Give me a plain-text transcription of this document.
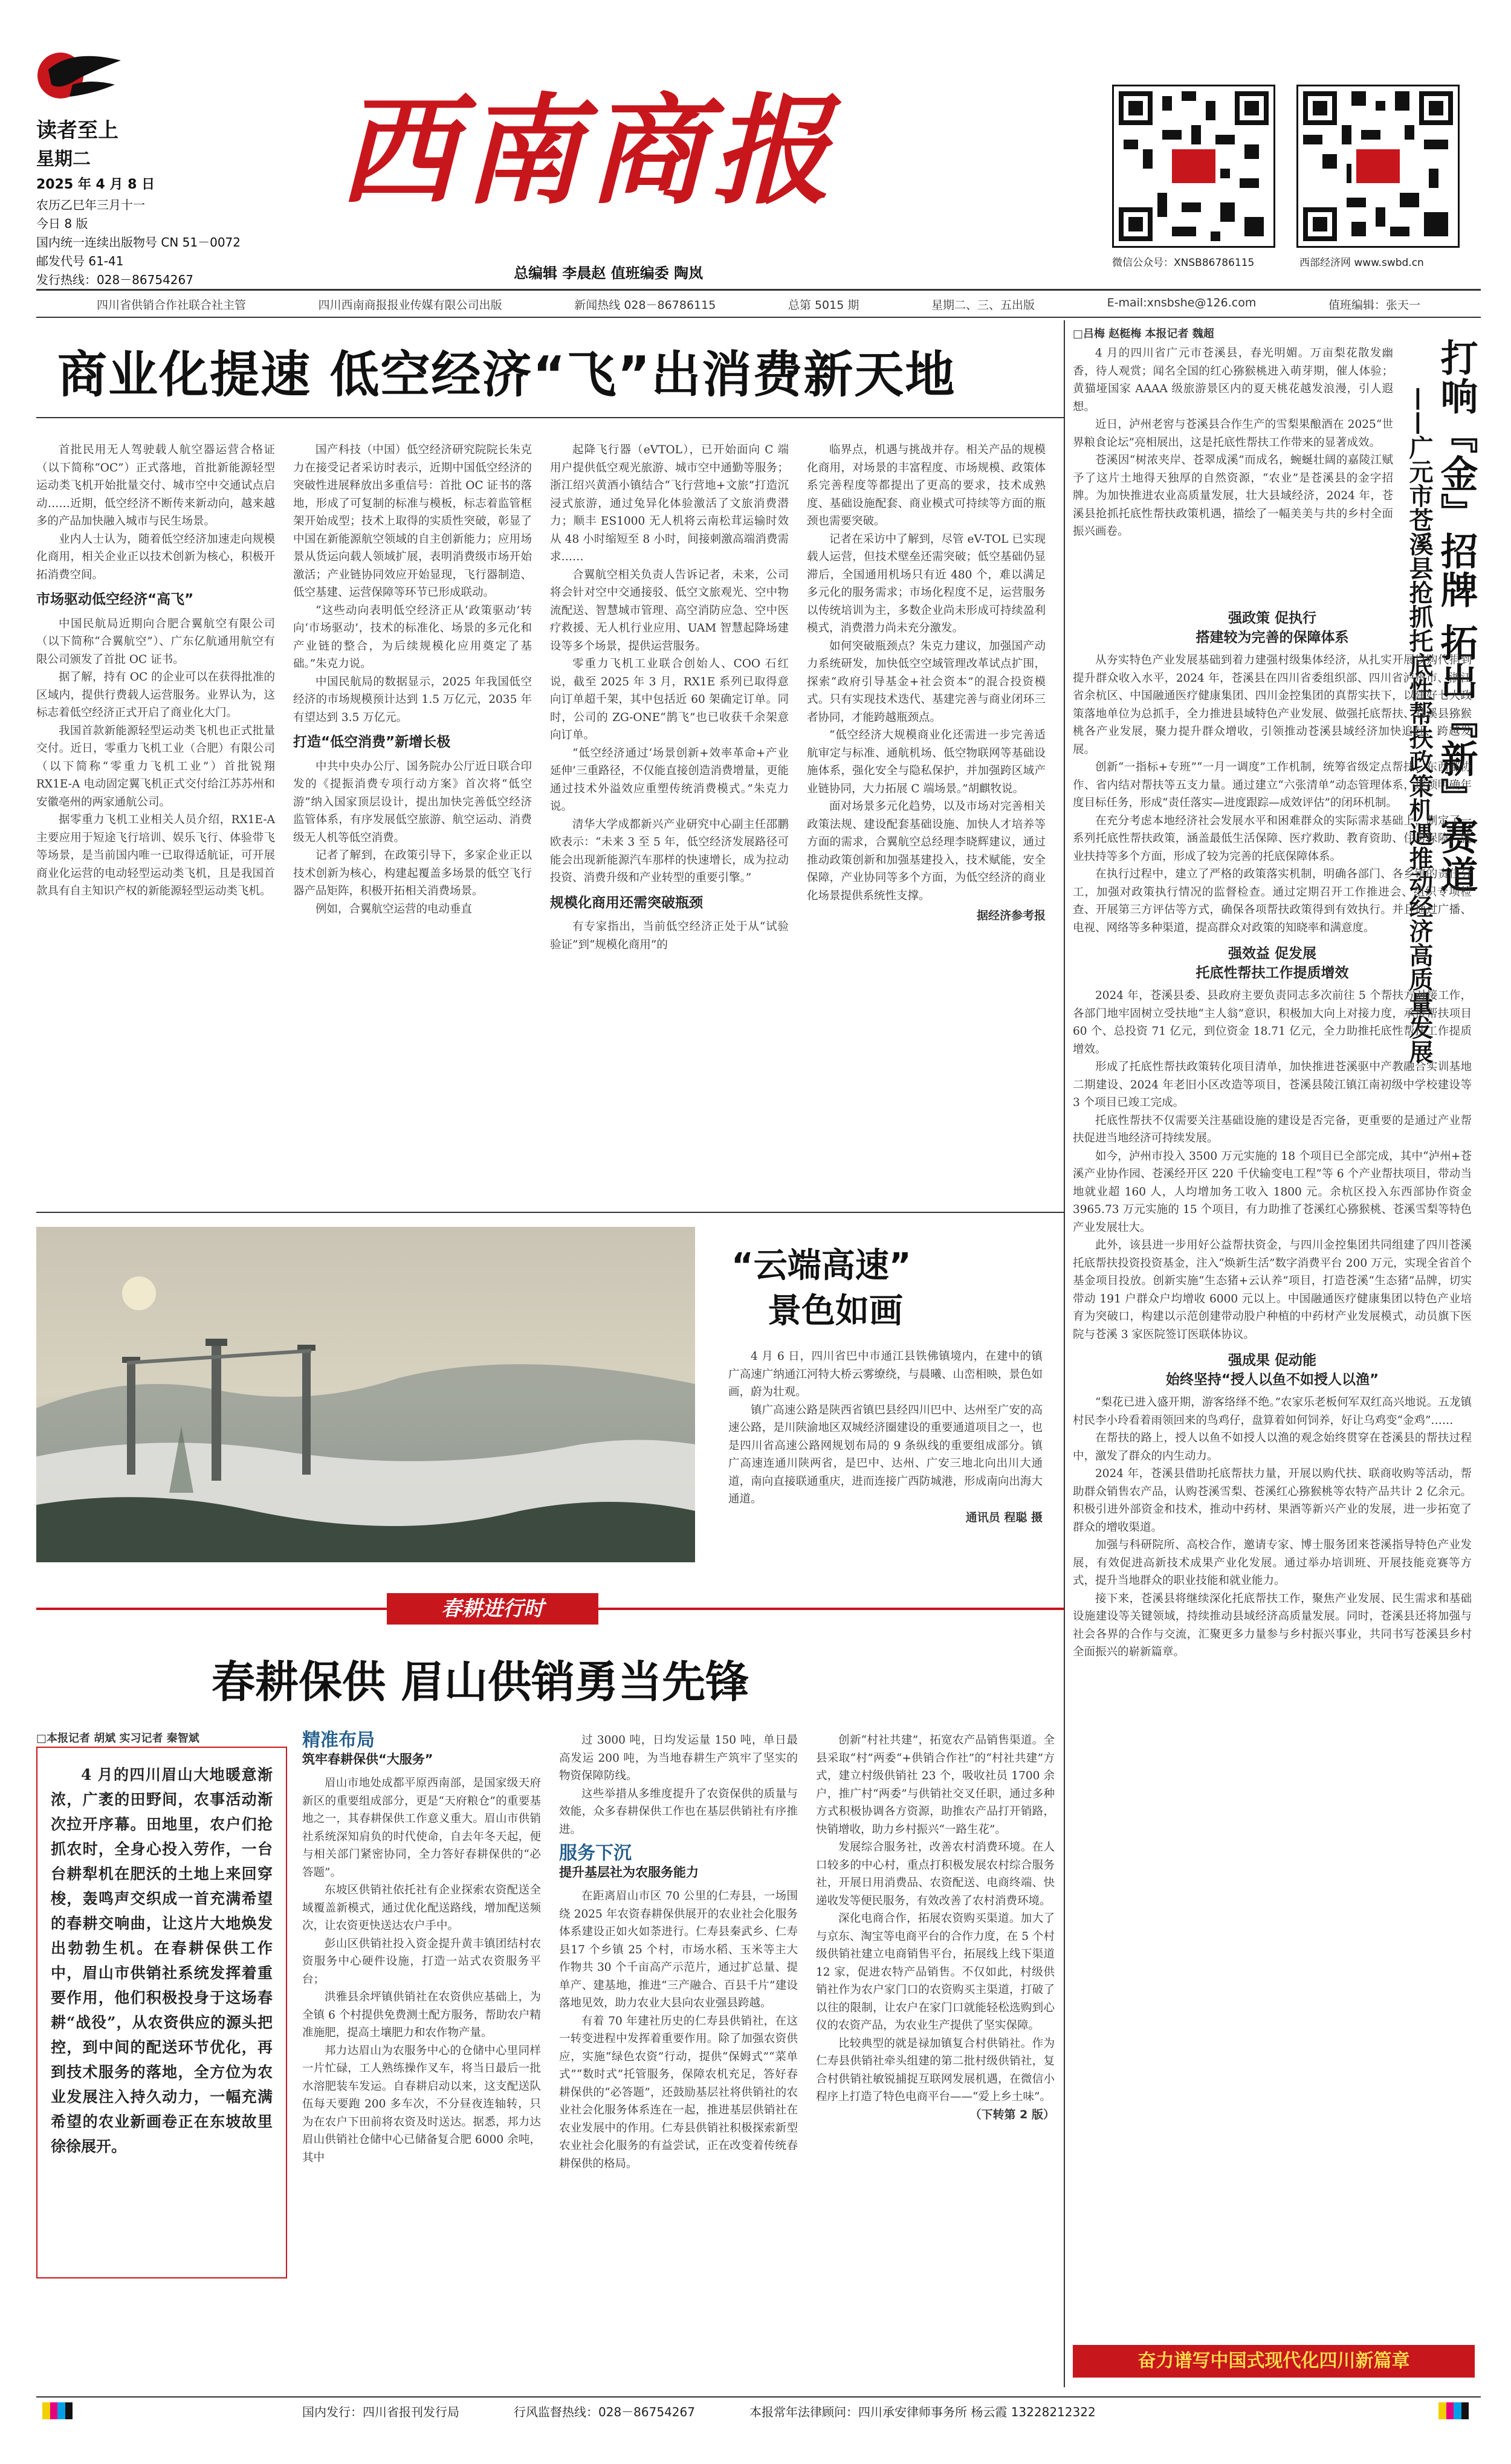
读者至上
星期二
2025 年 4 月 8 日
农历乙巳年三月十一
今日 8 版
国内统一连续出版物号 CN 51－0072
邮发代号 61-41
发行热线：028－86754267
西南商报
总编辑 李晨赵 值班编委 陶岚
微信公众号：XNSB86786115	西部经济网 www.swbd.cn
四川省供销合作社联合社主管	四川西南商报报业传媒有限公司出版	新闻热线 028－86786115	总第 5015 期	星期二、三、五出版	E-mail:xnsbshe@126.com	值班编辑：张天一
商业化提速 低空经济“飞”出消费新天地

首批民用无人驾驶载人航空器运营合格证（以下简称“OC”）正式落地，首批新能源轻型运动类飞机开始批量交付、城市空中交通试点启动……近期，低空经济不断传来新动向，越来越多的产品加快融入城市与民生场景。

业内人士认为，随着低空经济加速走向规模化商用，相关企业正以技术创新为核心，积极开拓消费空间。

市场驱动低空经济“高飞”

中国民航局近期向合肥合翼航空有限公司（以下简称“合翼航空”）、广东亿航通用航空有限公司颁发了首批 OC 证书。

据了解，持有 OC 的企业可以在获得批准的区域内，提供行费载人运营服务。业界认为，这标志着低空经济正式开启了商业化大门。

我国首款新能源轻型运动类飞机也正式批量交付。近日，零重力飞机工业（合肥）有限公司（以下简称“零重力飞机工业”）首批锐翔 RX1E-A 电动固定翼飞机正式交付给江苏苏州和安徽亳州的两家通航公司。

据零重力飞机工业相关人员介绍，RX1E-A 主要应用于短途飞行培训、娱乐飞行、体验带飞等场景，是当前国内唯一已取得适航证，可开展商业化运营的电动轻型运动类飞机，且是我国首款具有自主知识产权的新能源轻型运动类飞机。

国产科技（中国）低空经济研究院院长朱克力在接受记者采访时表示，近期中国低空经济的突破性进展释放出多重信号：首批 OC 证书的落地，形成了可复制的标准与模板，标志着监管框架开始成型；技术上取得的实质性突破，彰显了中国在新能源航空领域的自主创新能力；应用场景从货运向载人领域扩展，表明消费级市场开始激活；产业链协同效应开始显现，飞行器制造、低空基建、运营保障等环节已形成联动。

“这些动向表明低空经济正从‘政策驱动’转向‘市场驱动’，技术的标准化、场景的多元化和产业链的整合，为后续规模化应用奠定了基础。”朱克力说。

中国民航局的数据显示，2025 年我国低空经济的市场规模预计达到 1.5 万亿元，2035 年有望达到 3.5 万亿元。

打造“低空消费”新增长极

中共中央办公厅、国务院办公厅近日联合印发的《提振消费专项行动方案》首次将“低空游”纳入国家顶层设计，提出加快完善低空经济监管体系，有序发展低空旅游、航空运动、消费级无人机等低空消费。

记者了解到，在政策引导下，多家企业正以技术创新为核心，构建起覆盖多场景的低空飞行器产品矩阵，积极开拓相关消费场景。

例如，合翼航空运营的电动垂直

起降飞行器（eVTOL），已开始面向 C 端用户提供低空观光旅游、城市空中通勤等服务；浙江绍兴黄酒小镇结合“飞行营地+文旅”打造沉浸式旅游，通过兔异化体验激活了文旅消费潜力；顺丰 ES1000 无人机将云南松茸运输时效从 48 小时缩短至 8 小时，间接刺激高端消费需求……

合翼航空相关负责人告诉记者，未来，公司将会针对空中交通接驳、低空文旅观光、空中物流配送、智慧城市管理、高空消防应急、空中医疗救援、无人机行业应用、UAM 智慧起降场建设等多个场景，提供运营服务。

零重力飞机工业联合创始人、COO 石红说，截至 2025 年 3 月，RX1E 系列已取得意向订单超千架，其中包括近 60 架确定订单。同时，公司的 ZG-ONE“鹊飞”也已收获千余架意向订单。

“低空经济通过‘场景创新+效率革命+产业延伸’三重路径，不仅能直接创造消费增量，更能通过技术外溢效应重塑传统消费模式。”朱克力说。

清华大学成都新兴产业研究中心副主任邵鹏欧表示：“未来 3 至 5 年，低空经济发展路径可能会出现新能源汽车那样的快速增长，成为拉动投资、消费升级和产业转型的重要引擎。”

规模化商用还需突破瓶颈

有专家指出，当前低空经济正处于从“试验验证”到“规模化商用”的

临界点，机遇与挑战并存。相关产品的规模化商用，对场景的丰富程度、市场规模、政策体系完善程度等都提出了更高的要求，技术成熟度、基础设施配套、商业模式可持续等方面的瓶颈也需要突破。

记者在采访中了解到，尽管 eV-TOL 已实现载人运营，但技术壁垒还需突破；低空基础仍显滞后，全国通用机场只有近 480 个，难以满足多元化的服务需求；市场化程度不足，运营服务以传统培训为主，多数企业尚未形成可持续盈利模式，消费潜力尚未充分激发。

如何突破瓶颈点？朱克力建议，加强国产动力系统研发，加快低空空域管理改革试点扩围，探索“政府引导基金+社会资本”的混合投资模式。只有实现技术迭代、基建完善与商业闭环三者协同，才能跨越瓶颈点。

“低空经济大规模商业化还需进一步完善适航审定与标准、通航机场、低空物联网等基础设施体系，强化安全与隐私保护，并加强跨区域产业链协同，大力拓展 C 端场景。”胡麒牧说。

面对场景多元化趋势，以及市场对完善相关政策法规、建设配套基础设施、加快人才培养等方面的需求，合翼航空总经理李晓辉建议，通过推动政策创新和加强基建投入，技术赋能，安全保障，产业协同等多个方面，为低空经济的商业化场景提供系统性支撑。

据经济参考报
“云端高速”
景色如画

4 月 6 日，四川省巴中市通江县铁佛镇境内，在建中的镇广高速广纳通江河特大桥云雾缭绕，与晨曦、山峦相映，景色如画，蔚为壮观。

镇广高速公路是陕西省镇巴县经四川巴中、达州至广安的高速公路，是川陕渝地区双城经济圈建设的重要通道项目之一，也是四川省高速公路网规划布局的 9 条纵线的重要组成部分。镇广高速连通川陕两省，是巴中、达州、广安三地北向出川大通道，南向直接联通重庆，进而连接广西防城港，形成南向出海大通道。

通讯员 程聪 摄
春耕进行时
春耕保供 眉山供销勇当先锋
□本报记者 胡斌 实习记者 秦智斌

4 月的四川眉山大地暖意渐浓，广袤的田野间，农事活动渐次拉开序幕。田地里，农户们抢抓农时，全身心投入劳作，一台台耕犁机在肥沃的土地上来回穿梭，轰鸣声交织成一首充满希望的春耕交响曲，让这片大地焕发出勃勃生机。在春耕保供工作中，眉山市供销社系统发挥着重要作用，他们积极投身于这场春耕“战役”，从农资供应的源头把控，到中间的配送环节优化，再到技术服务的落地，全方位为农业发展注入持久动力，一幅充满希望的农业新画卷正在东坡故里徐徐展开。

精准布局
筑牢春耕保供“大服务”

眉山市地处成都平原西南部，是国家级天府新区的重要组成部分，更是“天府粮仓”的重要基地之一，其春耕保供工作意义重大。眉山市供销社系统深知肩负的时代使命，自去年冬天起，便与相关部门紧密协同，全力答好春耕保供的“必答题”。

东坡区供销社依托社有企业探索农资配送全域覆盖新模式，通过优化配送路线，增加配送频次，让农资更快送达农户手中。

彭山区供销社投入资金提升黄丰镇团结村农资服务中心硬件设施，打造一站式农资服务平台；

洪雅县余坪镇供销社在农资供应基础上，为全镇 6 个村提供免费测土配方服务，帮助农户精准施肥，提高土壤肥力和农作物产量。

邦力达眉山为农服务中心的仓储中心里同样一片忙碌，工人熟练操作叉车，将当日最后一批水溶肥装车发运。自春耕启动以来，这支配送队伍每天要跑 200 多车次，不分昼夜连轴转，只为在农户下田前将农资及时送达。据悉，邦力达眉山供销社仓储中心已储备复合肥 6000 余吨，其中

过 3000 吨，日均发运量 150 吨，单日最高发运 200 吨，为当地春耕生产筑牢了坚实的物资保障防线。

这些举措从多维度提升了农资保供的质量与效能，众多春耕保供工作也在基层供销社有序推进。

服务下沉
提升基层社为农服务能力

在距离眉山市区 70 公里的仁寿县，一场围绕 2025 年农资春耕保供展开的农业社会化服务体系建设正如火如荼进行。仁寿县秦武乡、仁寿县17 个乡镇 25 个村，市场水稻、玉米等主大作物共 30 个千亩高产示范片，通过扩总量、提单产、建基地，推进“三产融合、百县千片”建设落地见效，助力农业大县向农业强县跨越。

有着 70 年建社历史的仁寿县供销社，在这一转变进程中发挥着重要作用。除了加强农资供应，实施“绿色农资”行动，提供“保姆式”“菜单式”“数时式”托管服务，保障农机充足，答好春耕保供的“必答题”，还鼓励基层社将供销社的农业社会化服务体系连在一起，推进基层供销社在农业发展中的作用。仁寿县供销社积极探索新型农业社会化服务的有益尝试，正在改变着传统春耕保供的格局。

创新“村社共建”，拓宽农产品销售渠道。全县采取“村”两委“+供销合作社”的“村社共建”方式，建立村级供销社 23 个，吸收社员 1700 余户，推广村“两委”与供销社交叉任职，通过多种方式积极协调各方资源，助推农产品打开销路，快销增收，助力乡村振兴“一路生花”。

发展综合服务社，改善农村消费环境。在人口较多的中心村，重点打积极发展农村综合服务社，开展日用消费品、农资配送、电商终端、快递收发等便民服务，有效改善了农村消费环境。

深化电商合作，拓展农资购买渠道。加大了与京东、淘宝等电商平台的合作力度，在 5 个村级供销社建立电商销售平台，拓展线上线下渠道 12 家，促进农特产品销售。不仅如此，村级供销社作为农户家门口的农资购买主渠道，打破了以往的限制，让农户在家门口就能轻松选购到心仪的农资产品，为农业生产提供了坚实保障。

比较典型的就是禄加镇复合村供销社。作为仁寿县供销社牵头组建的第二批村级供销社，复合村供销社敏锐捕捉互联网发展机遇，在微信小程序上打造了特色电商平台——“爱上乡土味”。

（下转第 2 版）
□吕梅 赵梃梅 本报记者 魏超

4 月的四川省广元市苍溪县，春光明媚。万亩梨花散发幽香，待人观赏；闻名全国的红心猕猴桃进入萌芽期，催人体验；黄猫垭国家 AAAA 级旅游景区内的夏天桃花越发浪漫，引人遐想。

近日，泸州老窖与苍溪县合作生产的雪梨果酿酒在 2025“世界粮食论坛”亮相展出，这是托底性帮扶工作带来的显著成效。

苍溪因“树浓夹岸、苍翠成溪”而成名，蜿蜒壮阔的嘉陵江赋予了这片土地得天独厚的自然资源，“农业”是苍溪县的金字招牌。为加快推进农业高质量发展，壮大县域经济，2024 年，苍溪县抢抓托底性帮扶政策机遇，描绘了一幅美美与共的乡村全面振兴画卷。	打响『金』招牌 拓出『新』赛道
——广元市苍溪县抢抓托底性帮扶政策机遇推动经济高质量发展
强政策 促执行
搭建较为完善的保障体系

从夯实特色产业发展基础到着力建强村级集体经济，从扎实开展以购代捐到提升群众收入水平，2024 年，苍溪县在四川省委组织部、四川省泸州市、浙江省余杭区、中国融通医疗健康集团、四川金控集团的真帮实扶下，以建好七大政策落地单位为总抓手，全力推进县域特色产业发展、做强托底帮扶、苍溪县猕猴桃各产业发展，聚力提升群众增收，引领推动苍溪县域经济加快追赶、跨越发展。

创新“一指标+专班”“一月一调度”工作机制，统筹省级定点帮扶、东西部协作、省内结对帮扶等五支力量。通过建立“六张清单”动态管理体系，逐项明确年度目标任务，形成“责任落实—进度跟踪—成效评估”的闭环机制。

在充分考虑本地经济社会发展水平和困难群众的实际需求基础上，制定了一系列托底性帮扶政策，涵盖最低生活保障、医疗救助、教育资助、住房保障、就业扶持等多个方面，形成了较为完善的托底保障体系。

在执行过程中，建立了严格的政策落实机制，明确各部门、各乡镇的责任分工，加强对政策执行情况的监督检查。通过定期召开工作推进会、组织专项检查、开展第三方评估等方式，确保各项帮扶政策得到有效执行。并且通过广播、电视、网络等多种渠道，提高群众对政策的知晓率和满意度。

强效益 促发展
托底性帮扶工作提质增效

2024 年，苍溪县委、县政府主要负责同志多次前往 5 个帮扶方对接工作，各部门地牢固树立受扶地“主人翁”意识，积极加大向上对接力度，承接帮扶项目 60 个、总投资 71 亿元，到位资金 18.71 亿元，全力助推托底性帮扶工作提质增效。

形成了托底性帮扶政策转化项目清单，加快推进苍溪驱中产教融合实训基地二期建设、2024 年老旧小区改造等项目，苍溪县陵江镇江南初级中学校建设等 3 个项目已竣工完成。

托底性帮扶不仅需要关注基础设施的建设是否完备，更重要的是通过产业帮扶促进当地经济可持续发展。

如今，泸州市投入 3500 万元实施的 18 个项目已全部完成，其中“泸州+苍溪产业协作园、苍溪经开区 220 千伏输变电工程”等 6 个产业帮扶项目，带动当地就业超 160 人，人均增加务工收入 1800 元。余杭区投入东西部协作资金 3965.73 万元实施的 15 个项目，有力助推了苍溪红心猕猴桃、苍溪雪梨等特色产业发展壮大。

此外，该县进一步用好公益帮扶资金，与四川金控集团共同组建了四川苍溪托底帮扶投资投资基金，注入“焕新生活”数字消费平台 200 万元，实现全省首个基金项目投放。创新实施“生态猪+云认养”项目，打造苍溪“生态猪”品牌，切实带动 191 户群众户均增收 6000 元以上。中国融通医疗健康集团以特色产业培育为突破口，构建以示范创建带动股户种植的中药材产业发展模式，动员旗下医院与苍溪 3 家医院签订医联体协议。

强成果 促动能
始终坚持“授人以鱼不如授人以渔”

“梨花已进入盛开期，游客络绎不绝。”农家乐老板何军双红高兴地说。五龙镇村民李小玲看着雨领回来的鸟鸡仔，盘算着如何饲养，好让乌鸡变“金鸡”……

在帮扶的路上，授人以鱼不如授人以渔的观念始终贯穿在苍溪县的帮扶过程中，激发了群众的内生动力。

2024 年，苍溪县借助托底帮扶力量，开展以购代扶、联商收购等活动，帮助群众销售农产品，认购苍溪雪梨、苍溪红心猕猴桃等农特产品共计 2 亿余元。积极引进外部资金和技术，推动中药材、果酒等新兴产业的发展，进一步拓宽了群众的增收渠道。

加强与科研院所、高校合作，邀请专家、博士服务团来苍溪指导特色产业发展，有效促进高新技术成果产业化发展。通过举办培训班、开展技能竞赛等方式，提升当地群众的职业技能和就业能力。

接下来，苍溪县将继续深化托底帮扶工作，聚焦产业发展、民生需求和基础设施建设等关键领域，持续推动县域经济高质量发展。同时，苍溪县还将加强与社会各界的合作与交流，汇聚更多力量参与乡村振兴事业，共同书写苍溪县乡村全面振兴的崭新篇章。

奋力谱写中国式现代化四川新篇章
国内发行：四川省报刊发行局	行风监督热线：028－86754267	本报常年法律顾问：四川承安律师事务所 杨云霞 13228212322
